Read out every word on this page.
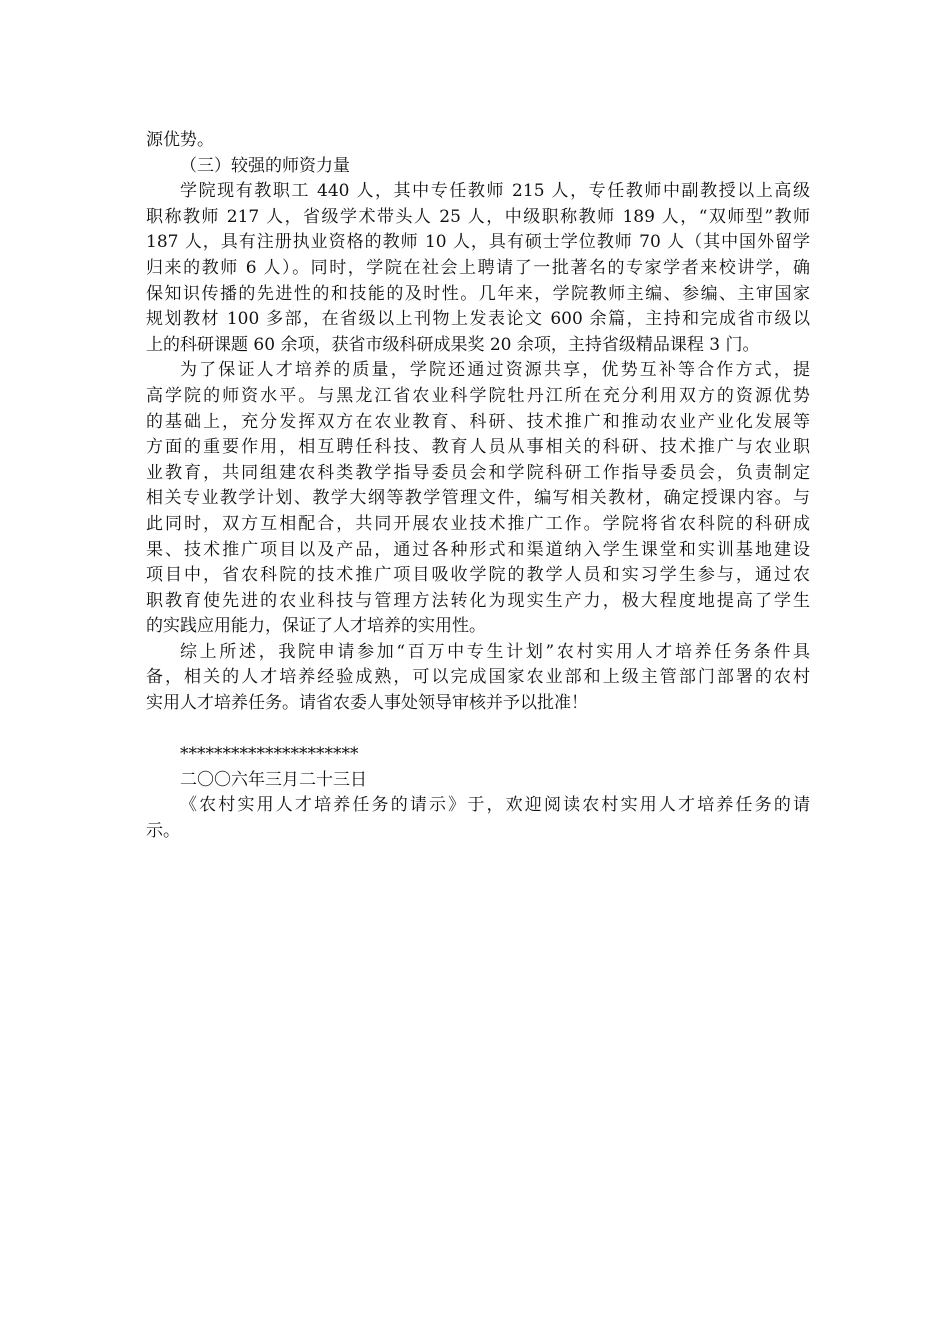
源优势。
（三）较强的师资力量
学院现有教职工 440 人，其中专任教师 215 人，专任教师中副教授以上高级
职称教师 217 人，省级学术带头人 25 人，中级职称教师 189 人，“双师型”教师
187 人，具有注册执业资格的教师 10 人，具有硕士学位教师 70 人（其中国外留学
归来的教师 6 人）。同时，学院在社会上聘请了一批著名的专家学者来校讲学，确
保知识传播的先进性的和技能的及时性。几年来，学院教师主编、参编、主审国家
规划教材 100 多部，在省级以上刊物上发表论文 600 余篇，主持和完成省市级以
上的科研课题 60 余项，获省市级科研成果奖 20 余项，主持省级精品课程 3 门。
为了保证人才培养的质量，学院还通过资源共享，优势互补等合作方式，提
高学院的师资水平。与黑龙江省农业科学院牡丹江所在充分利用双方的资源优势
的基础上，充分发挥双方在农业教育、科研、技术推广和推动农业产业化发展等
方面的重要作用，相互聘任科技、教育人员从事相关的科研、技术推广与农业职
业教育，共同组建农科类教学指导委员会和学院科研工作指导委员会，负责制定
相关专业教学计划、教学大纲等教学管理文件，编写相关教材，确定授课内容。与
此同时，双方互相配合，共同开展农业技术推广工作。学院将省农科院的科研成
果、技术推广项目以及产品，通过各种形式和渠道纳入学生课堂和实训基地建设
项目中，省农科院的技术推广项目吸收学院的教学人员和实习学生参与，通过农
职教育使先进的农业科技与管理方法转化为现实生产力，极大程度地提高了学生
的实践应用能力，保证了人才培养的实用性。
综上所述，我院申请参加“百万中专生计划”农村实用人才培养任务条件具
备，相关的人才培养经验成熟，可以完成国家农业部和上级主管部门部署的农村
实用人才培养任务。请省农委人事处领导审核并予以批准！
*********************
二〇〇六年三月二十三日
《农村实用人才培养任务的请示》于，欢迎阅读农村实用人才培养任务的请
示。
